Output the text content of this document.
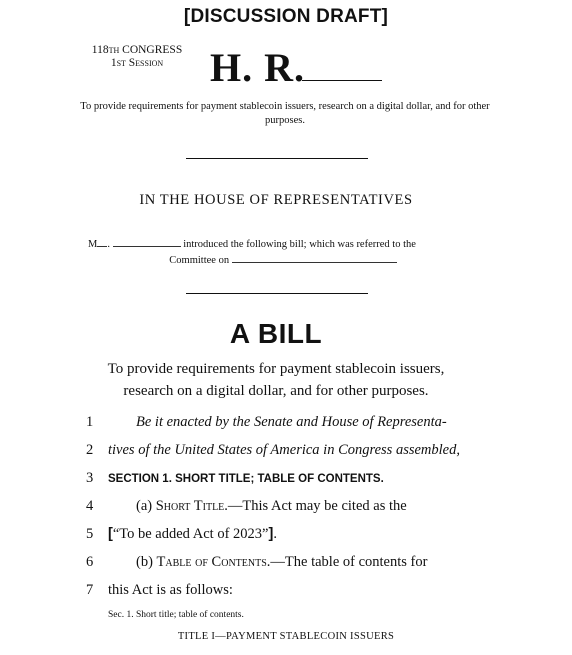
[DISCUSSION DRAFT]
118th CONGRESS
1st Session	H. R.
To provide requirements for payment stablecoin issuers, research on a digital dollar, and for other purposes.
IN THE HOUSE OF REPRESENTATIVES
M .	introduced the following bill; which was referred to the
Committee on
A BILL
To provide requirements for payment stablecoin issuers,
research on a digital dollar, and for other purposes.
1	Be it enacted by the Senate and House of Representa-
2	tives of the United States of America in Congress assembled,
3	SECTION 1. SHORT TITLE; TABLE OF CONTENTS.
4	(a) Short Title.—This Act may be cited as the
5	[“To be added Act of 2023”].
6	(b) Table of Contents.—The table of contents for
7	this Act is as follows:
Sec. 1. Short title; table of contents.
TITLE I—PAYMENT STABLECOIN ISSUERS
